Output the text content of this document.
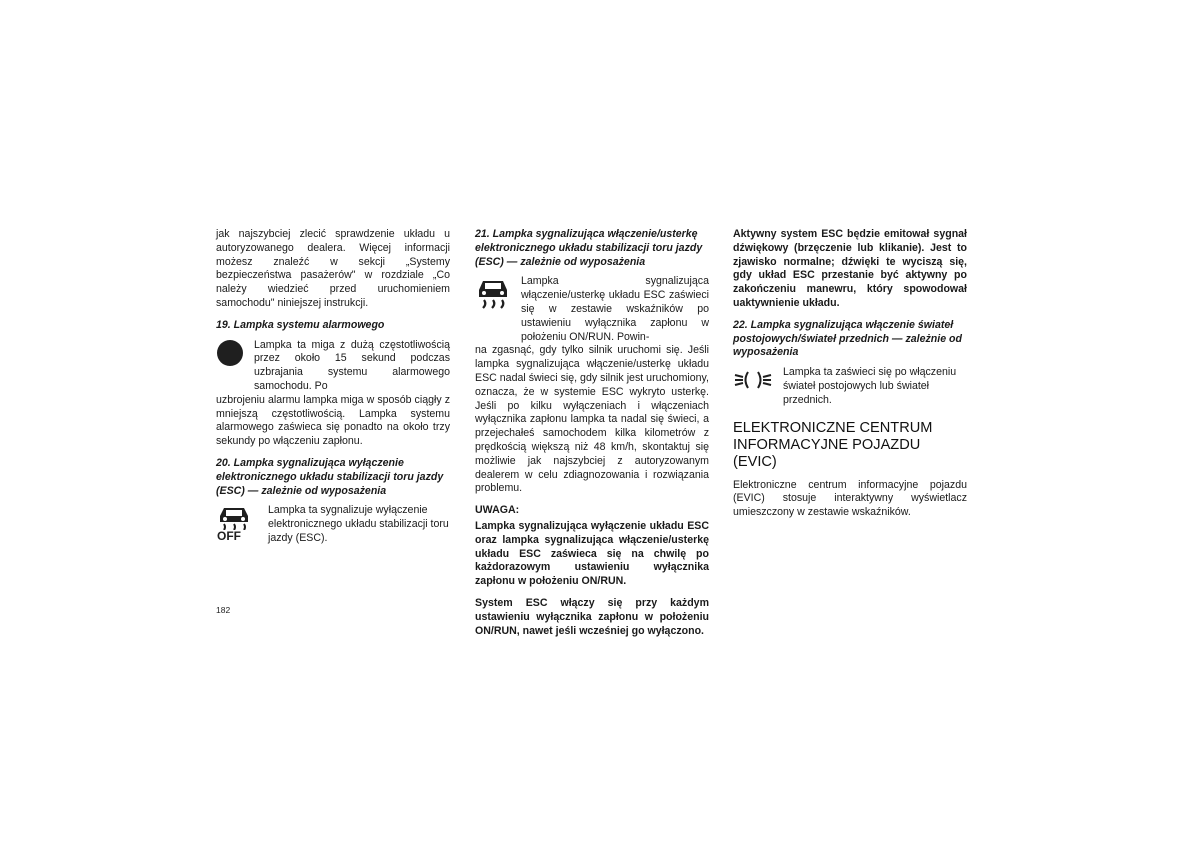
jak najszybciej zlecić sprawdzenie układu u autoryzowanego dealera. Więcej informacji możesz znaleźć w sekcji „Systemy bezpieczeństwa pasażerów" w rozdziale „Co należy wiedzieć przed uruchomieniem samochodu" niniejszej instrukcji.

19. Lampka systemu alarmowego

Lampka ta miga z dużą częstotliwością przez około 15 sekund podczas uzbrajania systemu alarmowego samochodu. Po

uzbrojeniu alarmu lampka miga w sposób ciągły z mniejszą częstotliwością. Lampka systemu alarmowego zaświeca się ponadto na około trzy sekundy po włączeniu zapłonu.

20. Lampka sygnalizująca wyłączenie elektronicznego układu stabilizacji toru jazdy (ESC) — zależnie od wyposażenia

OFF

Lampka ta sygnalizuje wyłączenie elektronicznego układu stabilizacji toru jazdy (ESC).

21. Lampka sygnalizująca włączenie/usterkę elektronicznego układu stabilizacji toru jazdy (ESC) — zależnie od wyposażenia

Lampka sygnalizująca włączenie/usterkę układu ESC zaświeci się w zestawie wskaźników po ustawieniu wyłącznika zapłonu w położeniu ON/RUN. Powin-

na zgasnąć, gdy tylko silnik uruchomi się. Jeśli lampka sygnalizująca włączenie/usterkę układu ESC nadal świeci się, gdy silnik jest uruchomiony, oznacza, że w systemie ESC wykryto usterkę. Jeśli po kilku wyłączeniach i włączeniach wyłącznika zapłonu lampka ta nadal się świeci, a przejechałeś samochodem kilka kilometrów z prędkością większą niż 48 km/h, skontaktuj się możliwie jak najszybciej z autoryzowanym dealerem w celu zdiagnozowania i rozwiązania problemu.

UWAGA:

Lampka sygnalizująca wyłączenie układu ESC oraz lampka sygnalizująca włączenie/usterkę układu ESC zaświeca się na chwilę po każdorazowym ustawieniu wyłącznika zapłonu w położeniu ON/RUN.

System ESC włączy się przy każdym ustawieniu wyłącznika zapłonu w położeniu ON/RUN, nawet jeśli wcześniej go wyłączono.

Aktywny system ESC będzie emitował sygnał dźwiękowy (brzęczenie lub klikanie). Jest to zjawisko normalne; dźwięki te wyciszą się, gdy układ ESC przestanie być aktywny po zakończeniu manewru, który spowodował uaktywnienie układu.

22. Lampka sygnalizująca włączenie świateł postojowych/świateł przednich — zależnie od wyposażenia

Lampka ta zaświeci się po włączeniu świateł postojowych lub świateł przednich.

ELEKTRONICZNE CENTRUM INFORMACYJNE POJAZDU (EVIC)

Elektroniczne centrum informacyjne pojazdu (EVIC) stosuje interaktywny wyświetlacz umieszczony w zestawie wskaźników.

182
